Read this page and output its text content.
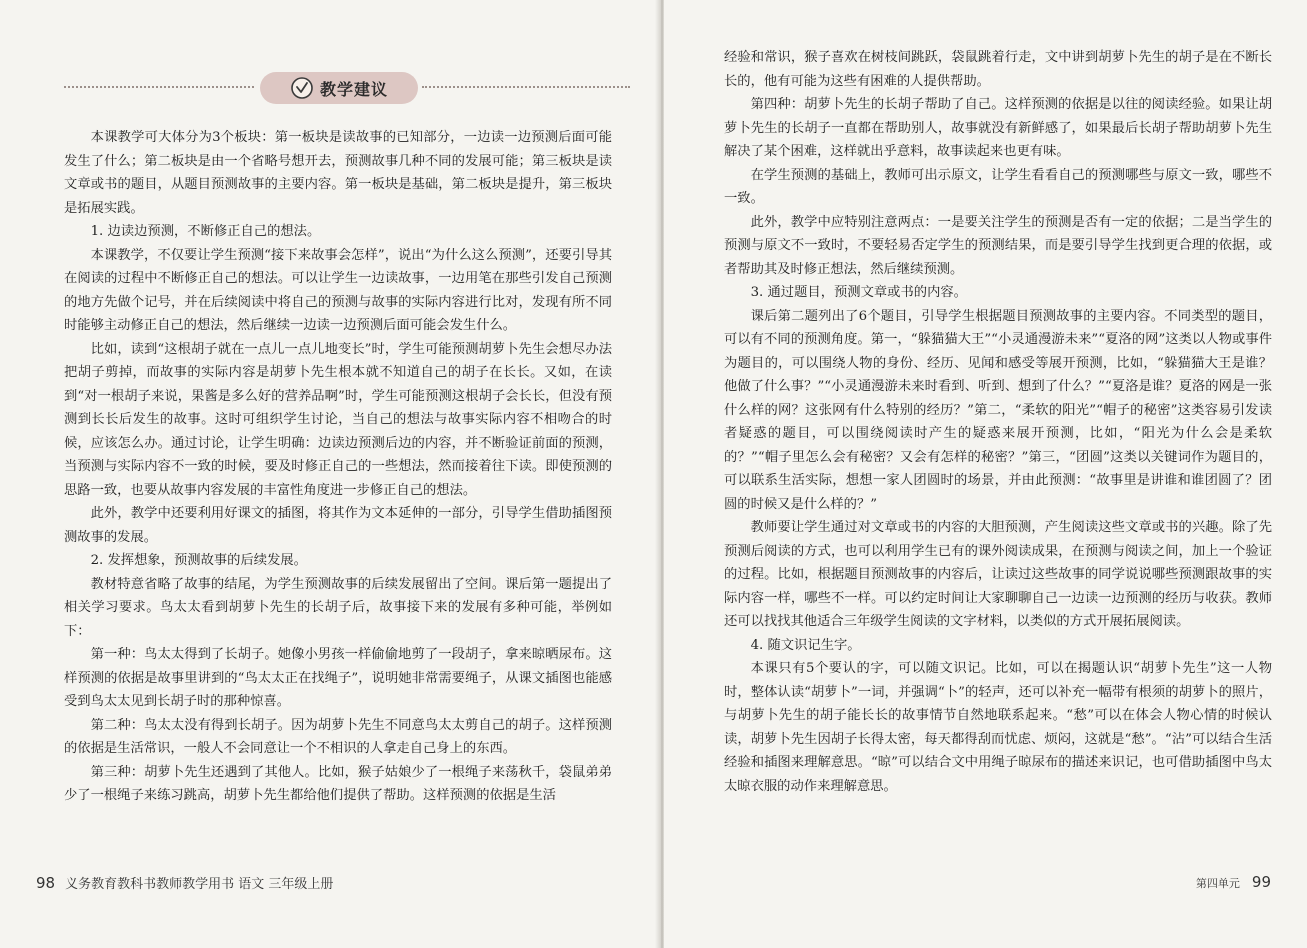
教学建议

本课教学可大体分为3个板块：第一板块是读故事的已知部分，一边读一边预测后面可能发生了什么；第二板块是由一个省略号想开去，预测故事几种不同的发展可能；第三板块是读文章或书的题目，从题目预测故事的主要内容。第一板块是基础，第二板块是提升，第三板块是拓展实践。

1. 边读边预测，不断修正自己的想法。

本课教学，不仅要让学生预测“接下来故事会怎样”，说出“为什么这么预测”，还要引导其在阅读的过程中不断修正自己的想法。可以让学生一边读故事，一边用笔在那些引发自己预测的地方先做个记号，并在后续阅读中将自己的预测与故事的实际内容进行比对，发现有所不同时能够主动修正自己的想法，然后继续一边读一边预测后面可能会发生什么。

比如，读到“这根胡子就在一点儿一点儿地变长”时，学生可能预测胡萝卜先生会想尽办法把胡子剪掉，而故事的实际内容是胡萝卜先生根本就不知道自己的胡子在长长。又如，在读到“对一根胡子来说，果酱是多么好的营养品啊”时，学生可能预测这根胡子会长长，但没有预测到长长后发生的故事。这时可组织学生讨论，当自己的想法与故事实际内容不相吻合的时候，应该怎么办。通过讨论，让学生明确：边读边预测后边的内容，并不断验证前面的预测，当预测与实际内容不一致的时候，要及时修正自己的一些想法，然而接着往下读。即使预测的思路一致，也要从故事内容发展的丰富性角度进一步修正自己的想法。

此外，教学中还要利用好课文的插图，将其作为文本延伸的一部分，引导学生借助插图预测故事的发展。

2. 发挥想象，预测故事的后续发展。

教材特意省略了故事的结尾，为学生预测故事的后续发展留出了空间。课后第一题提出了相关学习要求。鸟太太看到胡萝卜先生的长胡子后，故事接下来的发展有多种可能，举例如下：

第一种：鸟太太得到了长胡子。她像小男孩一样偷偷地剪了一段胡子，拿来晾晒尿布。这样预测的依据是故事里讲到的“鸟太太正在找绳子”，说明她非常需要绳子，从课文插图也能感受到鸟太太见到长胡子时的那种惊喜。

第二种：鸟太太没有得到长胡子。因为胡萝卜先生不同意鸟太太剪自己的胡子。这样预测的依据是生活常识，一般人不会同意让一个不相识的人拿走自己身上的东西。

第三种：胡萝卜先生还遇到了其他人。比如，猴子姑娘少了一根绳子来荡秋千，袋鼠弟弟少了一根绳子来练习跳高，胡萝卜先生都给他们提供了帮助。这样预测的依据是生活

98 义务教育教科书教师教学用书 语文 三年级上册

经验和常识，猴子喜欢在树枝间跳跃，袋鼠跳着行走，文中讲到胡萝卜先生的胡子是在不断长长的，他有可能为这些有困难的人提供帮助。

第四种：胡萝卜先生的长胡子帮助了自己。这样预测的依据是以往的阅读经验。如果让胡萝卜先生的长胡子一直都在帮助别人，故事就没有新鲜感了，如果最后长胡子帮助胡萝卜先生解决了某个困难，这样就出乎意料，故事读起来也更有味。

在学生预测的基础上，教师可出示原文，让学生看看自己的预测哪些与原文一致，哪些不一致。

此外，教学中应特别注意两点：一是要关注学生的预测是否有一定的依据；二是当学生的预测与原文不一致时，不要轻易否定学生的预测结果，而是要引导学生找到更合理的依据，或者帮助其及时修正想法，然后继续预测。

3. 通过题目，预测文章或书的内容。

课后第二题列出了6个题目，引导学生根据题目预测故事的主要内容。不同类型的题目，可以有不同的预测角度。第一，“躲猫猫大王”“小灵通漫游未来”“夏洛的网”这类以人物或事件为题目的，可以围绕人物的身份、经历、见闻和感受等展开预测，比如，“躲猫猫大王是谁？他做了什么事？”“小灵通漫游未来时看到、听到、想到了什么？”“夏洛是谁？夏洛的网是一张什么样的网？这张网有什么特别的经历？”第二，“柔软的阳光”“帽子的秘密”这类容易引发读者疑惑的题目，可以围绕阅读时产生的疑惑来展开预测，比如，“阳光为什么会是柔软的？”“帽子里怎么会有秘密？又会有怎样的秘密？”第三，“团圆”这类以关键词作为题目的，可以联系生活实际，想想一家人团圆时的场景，并由此预测：“故事里是讲谁和谁团圆了？团圆的时候又是什么样的？”

教师要让学生通过对文章或书的内容的大胆预测，产生阅读这些文章或书的兴趣。除了先预测后阅读的方式，也可以利用学生已有的课外阅读成果，在预测与阅读之间，加上一个验证的过程。比如，根据题目预测故事的内容后，让读过这些故事的同学说说哪些预测跟故事的实际内容一样，哪些不一样。可以约定时间让大家聊聊自己一边读一边预测的经历与收获。教师还可以找找其他适合三年级学生阅读的文字材料，以类似的方式开展拓展阅读。

4. 随文识记生字。

本课只有5个要认的字，可以随文识记。比如，可以在揭题认识“胡萝卜先生”这一人物时，整体认读“胡萝卜”一词，并强调“卜”的轻声，还可以补充一幅带有根须的胡萝卜的照片，与胡萝卜先生的胡子能长长的故事情节自然地联系起来。“愁”可以在体会人物心情的时候认读，胡萝卜先生因胡子长得太密，每天都得刮而忧虑、烦闷，这就是“愁”。“沾”可以结合生活经验和插图来理解意思。“晾”可以结合文中用绳子晾尿布的描述来识记，也可借助插图中鸟太太晾衣服的动作来理解意思。

第四单元 99
